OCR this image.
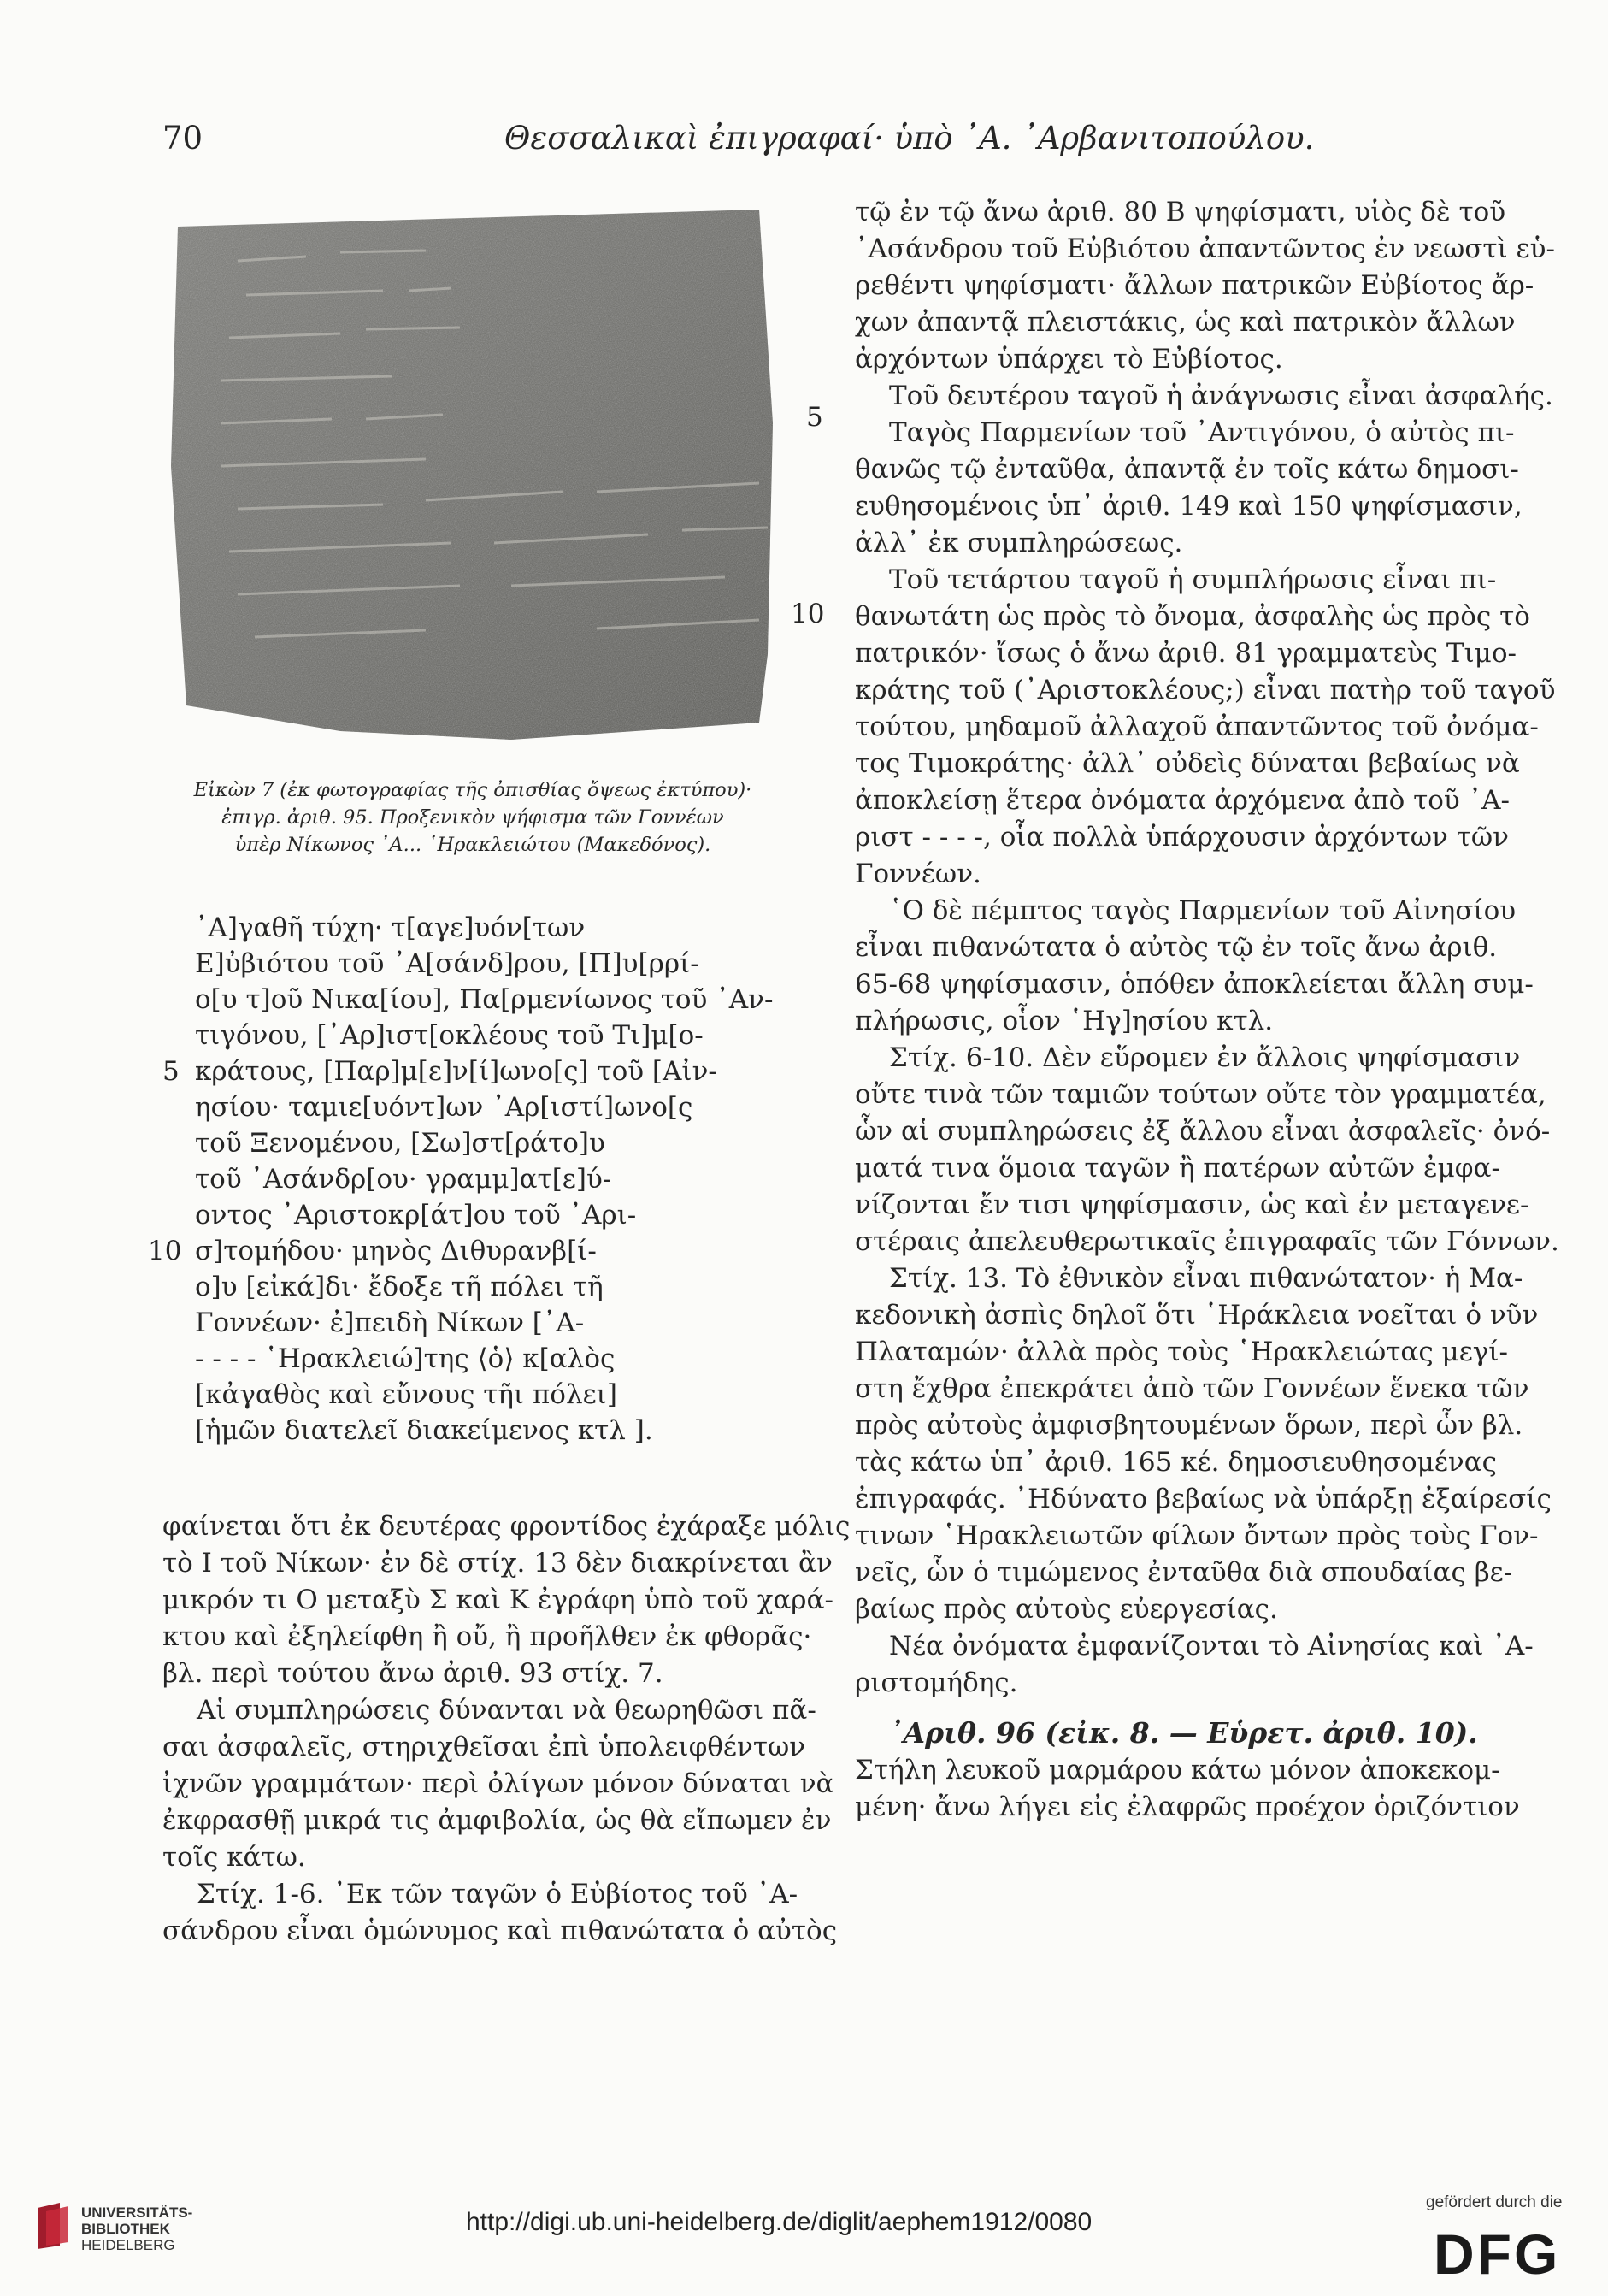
70	Θεσσαλικαὶ ἐπιγραφαί· ὑπὸ ᾿Α. ᾿Αρβανιτοπούλου.
Εἰκὼν 7 (ἐκ φωτογραφίας τῆς ὀπισθίας ὄψεως ἐκτύπου)·
ἐπιγρ. ἀριθ. 95. Προξενικὸν ψήφισμα τῶν Γοννέων
ὑπὲρ Νίκωνος ᾿Α... ῾Ηρακλειώτου (Μακεδόνος).
᾿Α]γαθῆ τύχη· τ[αγε]υόν[των
Ε]ὐβιότου τοῦ ᾿Α[σάνδ]ρου, [Π]υ[ρρί-
ο[υ τ]οῦ Νικα[ίου], Πα[ρμενίωνος τοῦ ᾿Αν-
τιγόνου, [᾿Αρ]ιστ[οκλέους τοῦ Τι]μ[ο-
κράτους, [Παρ]μ[ε]ν[ί]ωνο[ς] τοῦ [Αἰν-
ησίου· ταμιε[υόντ]ων ᾿Αρ[ιστί]ωνο[ς
τοῦ Ξενομένου, [Σω]στ[ράτο]υ
τοῦ ᾿Ασάνδρ[ου· γραμμ]ατ[ε]ύ-
οντος ᾿Αριστοκρ[άτ]ου τοῦ ᾿Αρι-
σ]τομήδου· μηνὸς Διθυρανβ[ί-
ο]υ [εἰκά]δι· ἔδοξε τῆ πόλει τῆ
Γοννέων· ἐ]πειδὴ Νίκων [᾿Α-
- - - - ῾Ηρακλειώ]της ⟨ὁ⟩ κ[αλὸς
[κἀγαθὸς καὶ εὔνους τῆι πόλει]
[ἡμῶν διατελεῖ διακείμενος κτλ ].
5
10
φαίνεται ὅτι ἐκ δευτέρας φροντίδος ἐχάραξε μόλις
τὸ Ι τοῦ Νίκων· ἐν δὲ στίχ. 13 δὲν διακρίνεται ἂν
μικρόν τι Ο μεταξὺ Σ καὶ Κ ἐγράφη ὑπὸ τοῦ χαρά-
κτου καὶ ἐξηλείφθη ἢ οὔ, ἢ προῆλθεν ἐκ φθορᾶς·
βλ. περὶ τούτου ἄνω ἀριθ. 93 στίχ. 7.
Αἱ συμπληρώσεις δύνανται νὰ θεωρηθῶσι πᾶ-
σαι ἀσφαλεῖς, στηριχθεῖσαι ἐπὶ ὑπολειφθέντων
ἰχνῶν γραμμάτων· περὶ ὀλίγων μόνον δύναται νὰ
ἐκφρασθῇ μικρά τις ἀμφιβολία, ὡς θὰ εἴπωμεν ἐν
τοῖς κάτω.
Στίχ. 1-6. ᾿Εκ τῶν ταγῶν ὁ Εὐβίοτος τοῦ ᾿Α-
σάνδρου εἶναι ὁμώνυμος καὶ πιθανώτατα ὁ αὐτὸς
τῷ ἐν τῷ ἄνω ἀριθ. 80 B ψηφίσματι, υἱὸς δὲ τοῦ
᾿Ασάνδρου τοῦ Εὐβιότου ἀπαντῶντος ἐν νεωστὶ εὑ-
ρεθέντι ψηφίσματι· ἄλλων πατρικῶν Εὐβίοτος ἄρ-
χων ἀπαντᾷ πλειστάκις, ὡς καὶ πατρικὸν ἄλλων
ἀρχόντων ὑπάρχει τὸ Εὐβίοτος.
Τοῦ δευτέρου ταγοῦ ἡ ἀνάγνωσις εἶναι ἀσφαλής.
Ταγὸς Παρμενίων τοῦ ᾿Αντιγόνου, ὁ αὐτὸς πι-
θανῶς τῷ ἐνταῦθα, ἀπαντᾷ ἐν τοῖς κάτω δημοσι-
ευθησομένοις ὑπ᾿ ἀριθ. 149 καὶ 150 ψηφίσμασιν,
ἀλλ᾿ ἐκ συμπληρώσεως.
Τοῦ τετάρτου ταγοῦ ἡ συμπλήρωσις εἶναι πι-
θανωτάτη ὡς πρὸς τὸ ὄνομα, ἀσφαλὴς ὡς πρὸς τὸ
πατρικόν· ἴσως ὁ ἄνω ἀριθ. 81 γραμματεὺς Τιμο-
κράτης τοῦ (᾿Αριστοκλέους;) εἶναι πατὴρ τοῦ ταγοῦ
τούτου, μηδαμοῦ ἀλλαχοῦ ἀπαντῶντος τοῦ ὀνόμα-
τος Τιμοκράτης· ἀλλ᾿ οὐδεὶς δύναται βεβαίως νὰ
ἀποκλείσῃ ἕτερα ὀνόματα ἀρχόμενα ἀπὸ τοῦ ᾿Α-
ριστ - - - -, οἷα πολλὰ ὑπάρχουσιν ἀρχόντων τῶν
Γοννέων.
῾Ο δὲ πέμπτος ταγὸς Παρμενίων τοῦ Αἰνησίου
εἶναι πιθανώτατα ὁ αὐτὸς τῷ ἐν τοῖς ἄνω ἀριθ.
65-68 ψηφίσμασιν, ὁπόθεν ἀποκλείεται ἄλλη συμ-
πλήρωσις, οἷον ῾Ηγ]ησίου κτλ.
Στίχ. 6-10. Δὲν εὕρομεν ἐν ἄλλοις ψηφίσμασιν
οὔτε τινὰ τῶν ταμιῶν τούτων οὔτε τὸν γραμματέα,
ὧν αἱ συμπληρώσεις ἐξ ἄλλου εἶναι ἀσφαλεῖς· ὀνό-
ματά τινα ὅμοια ταγῶν ἢ πατέρων αὐτῶν ἐμφα-
νίζονται ἔν τισι ψηφίσμασιν, ὡς καὶ ἐν μεταγενε-
στέραις ἀπελευθερωτικαῖς ἐπιγραφαῖς τῶν Γόννων.
Στίχ. 13. Τὸ ἐθνικὸν εἶναι πιθανώτατον· ἡ Μα-
κεδονικὴ ἀσπὶς δηλοῖ ὅτι ῾Ηράκλεια νοεῖται ὁ νῦν
Πλαταμών· ἀλλὰ πρὸς τοὺς ῾Ηρακλειώτας μεγί-
στη ἔχθρα ἐπεκράτει ἀπὸ τῶν Γοννέων ἕνεκα τῶν
πρὸς αὐτοὺς ἀμφισβητουμένων ὅρων, περὶ ὧν βλ.
τὰς κάτω ὑπ᾿ ἀριθ. 165 κέ. δημοσιευθησομένας
ἐπιγραφάς. ᾿Ηδύνατο βεβαίως νὰ ὑπάρξῃ ἐξαίρεσίς
τινων ῾Ηρακλειωτῶν φίλων ὄντων πρὸς τοὺς Γον-
νεῖς, ὧν ὁ τιμώμενος ἐνταῦθα διὰ σπουδαίας βε-
βαίως πρὸς αὐτοὺς εὐεργεσίας.
Νέα ὀνόματα ἐμφανίζονται τὸ Αἰνησίας καὶ ᾿Α-
ριστομήδης.
᾿Αριθ. 96 (εἰκ. 8. — Εὑρετ. ἀριθ. 10).
Στήλη λευκοῦ μαρμάρου κάτω μόνον ἀποκεκομ-
μένη· ἄνω λήγει εἰς ἐλαφρῶς προέχον ὁριζόντιον
5
10
UNIVERSITÄTS-
BIBLIOTHEK
HEIDELBERG
http://digi.ub.uni-heidelberg.de/diglit/aephem1912/0080
gefördert durch die
DFG
